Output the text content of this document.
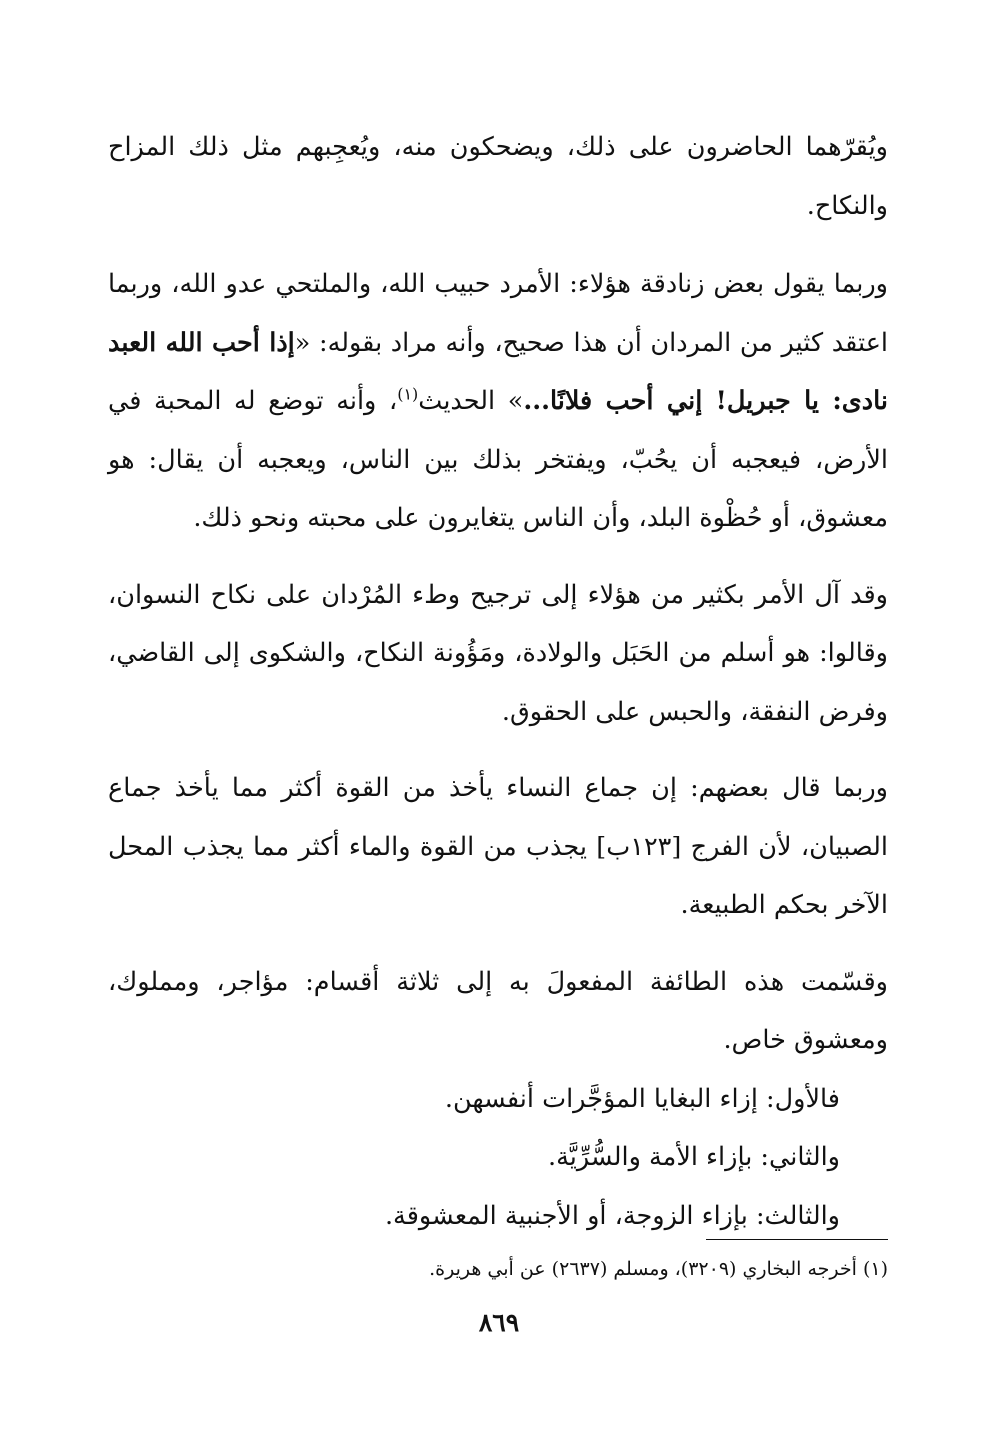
ويُقرّهما الحاضرون على ذلك، ويضحكون منه، ويُعجِبهم مثل ذلك المزاح والنكاح.

وربما يقول بعض زنادقة هؤلاء: الأمرد حبيب الله، والملتحي عدو الله، وربما اعتقد كثير من المردان أن هذا صحيح، وأنه مراد بقوله: «إذا أحب الله العبد نادى: يا جبريل! إني أحب فلانًا...» الحديث$^{(١)}$، وأنه توضع له المحبة في الأرض، فيعجبه أن يحُبّ، ويفتخر بذلك بين الناس، ويعجبه أن يقال: هو معشوق، أو حُظْوة البلد، وأن الناس يتغايرون على محبته ونحو ذلك.

وقد آل الأمر بكثير من هؤلاء إلى ترجيح وطء المُرْدان على نكاح النسوان، وقالوا: هو أسلم من الحَبَل والولادة، ومَؤُونة النكاح، والشكوى إلى القاضي، وفرض النفقة، والحبس على الحقوق.

وربما قال بعضهم: إن جماع النساء يأخذ من القوة أكثر مما يأخذ جماع الصبيان، لأن الفرج [١٢٣ب] يجذب من القوة والماء أكثر مما يجذب المحل الآخر بحكم الطبيعة.

وقسّمت هذه الطائفة المفعولَ به إلى ثلاثة أقسام: مؤاجر، ومملوك، ومعشوق خاص.

فالأول: إزاء البغايا المؤجَّرات أنفسهن.
والثاني: بإزاء الأمة والسُّرِّيَّة.
والثالث: بإزاء الزوجة، أو الأجنبية المعشوقة.
(١) أخرجه البخاري (٣٢٠٩)، ومسلم (٢٦٣٧) عن أبي هريرة.
٨٦٩
